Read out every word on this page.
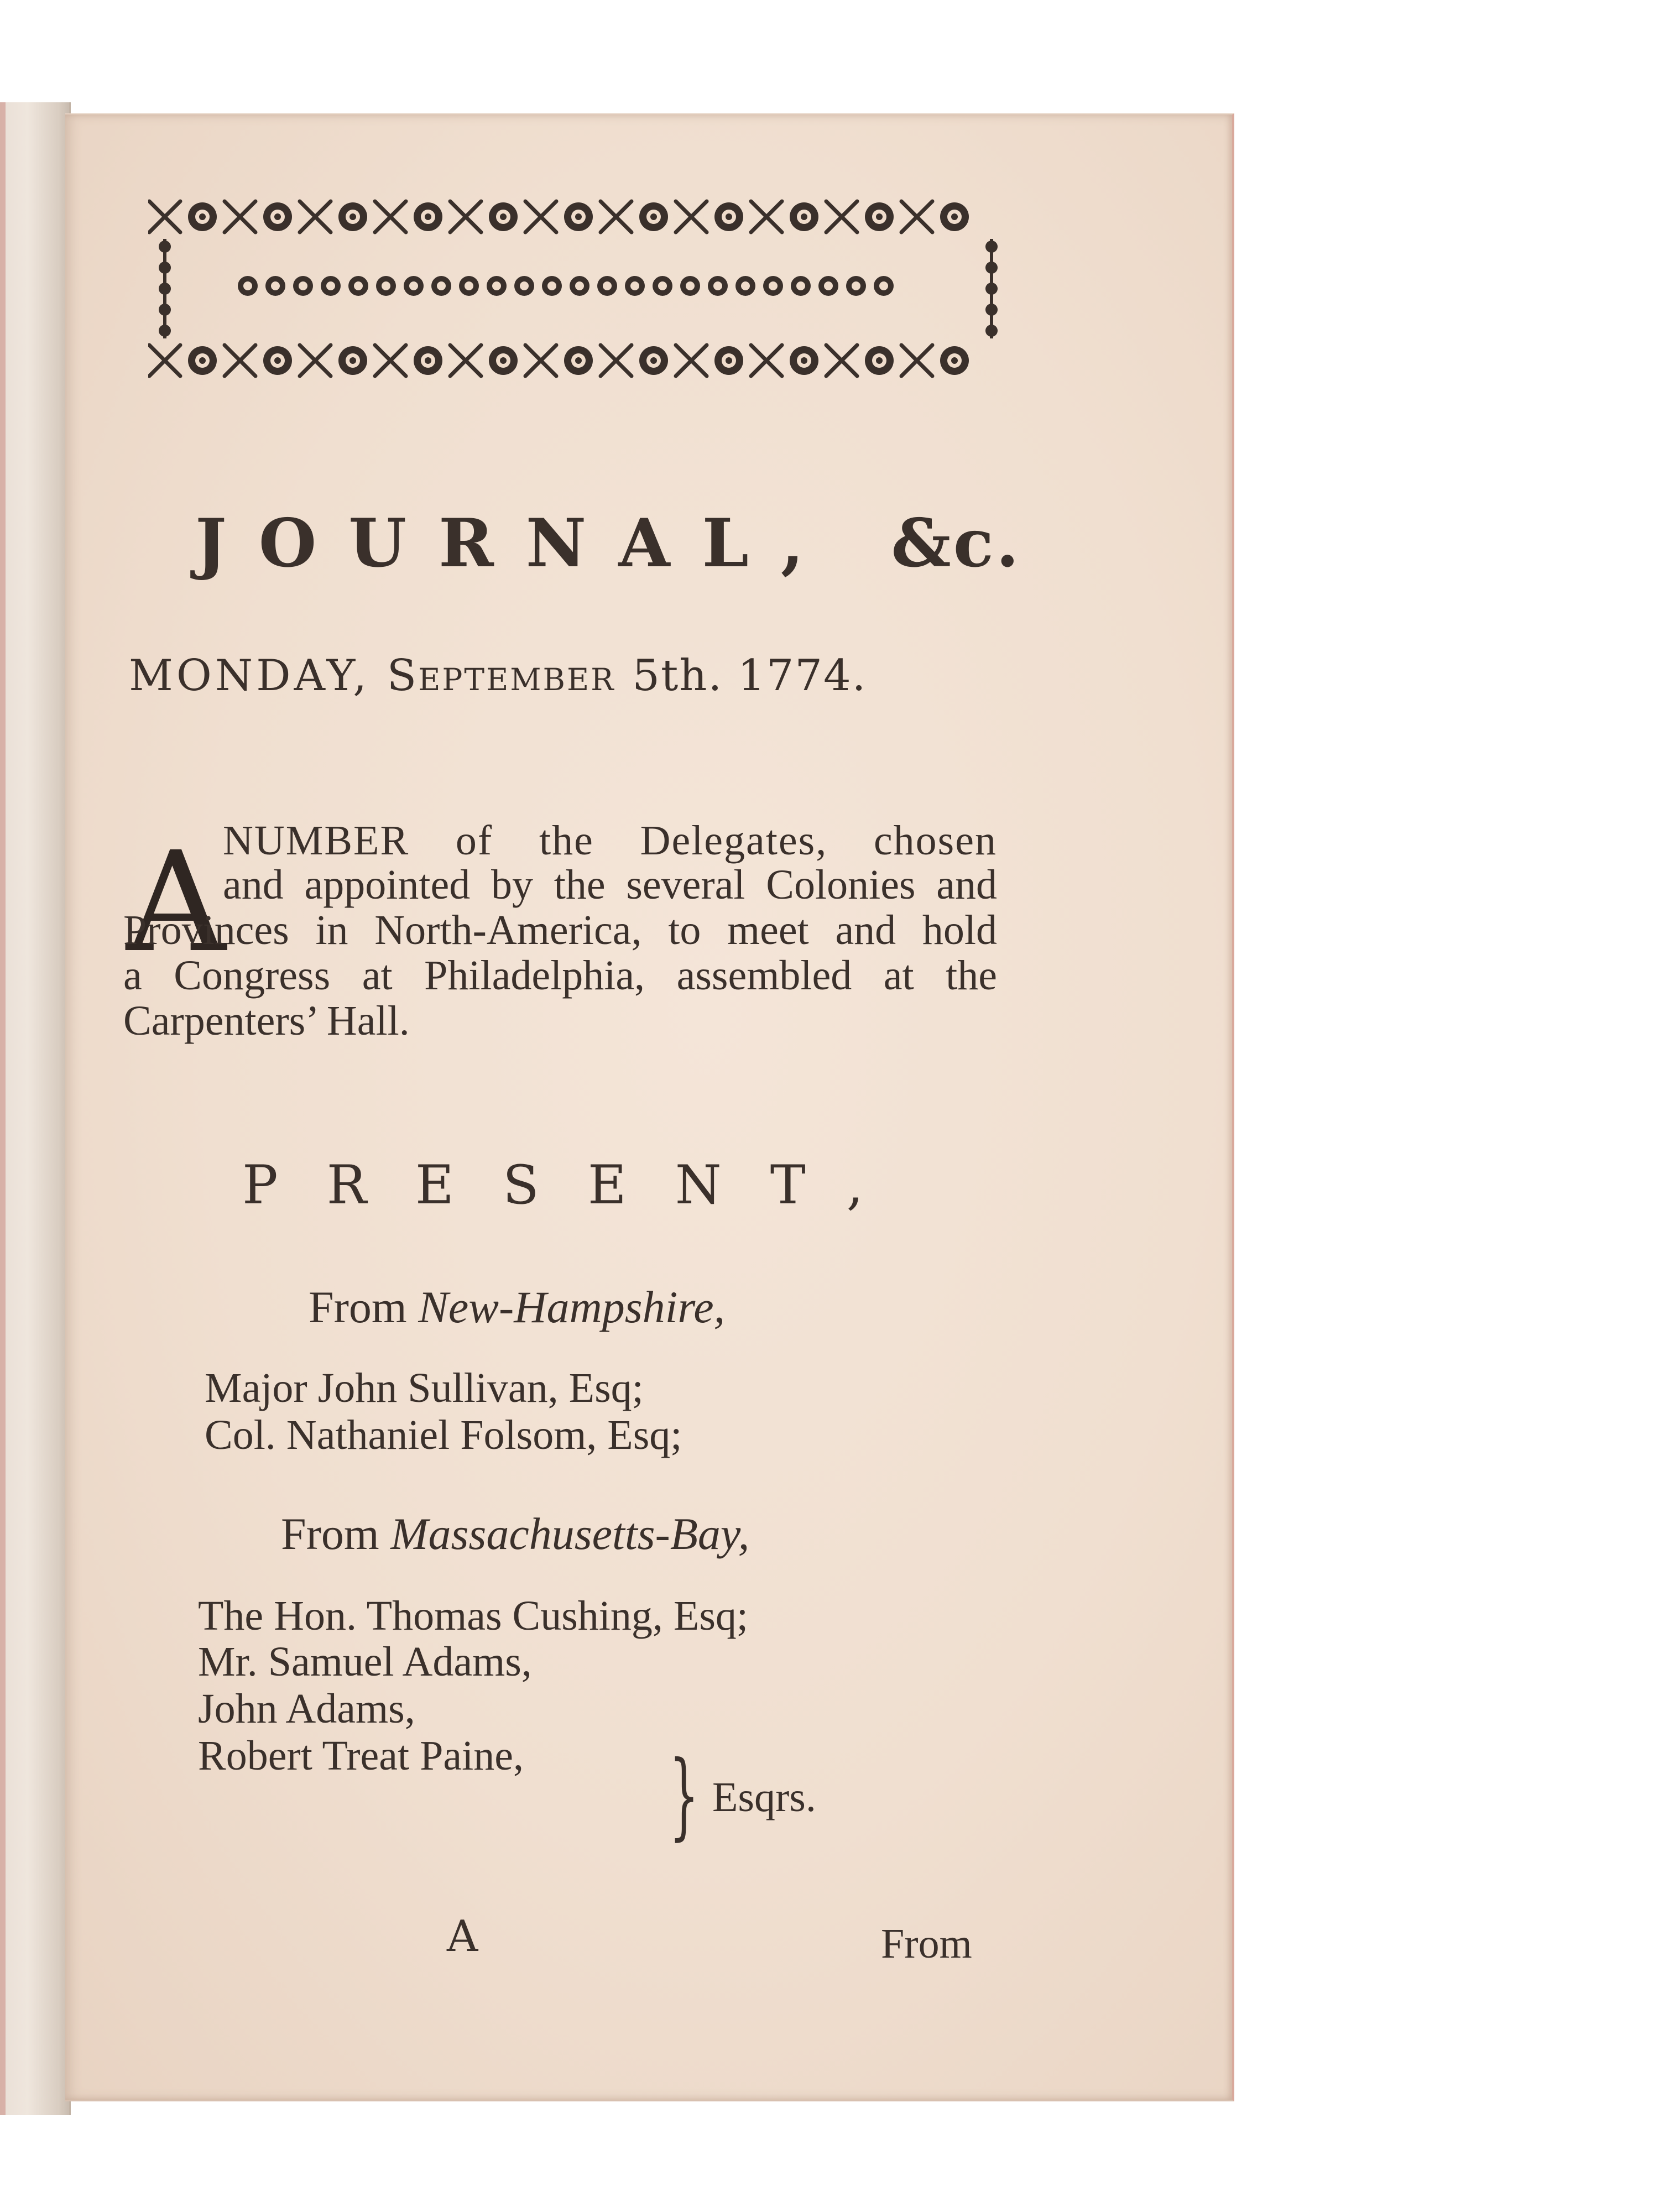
JOURNAL, &c.

MONDAY, September 5th. 1774.

A

NUMBER of the Delegates, chosen

and appointed by the several Colonies and

Provinces in North-America, to meet and hold

a Congress at Philadelphia, assembled at the

Carpenters’ Hall.

PRESENT,

From New-Hampshire,

Major John Sullivan, Esq;

Col. Nathaniel Folsom, Esq;

From Massachusetts-Bay,

The Hon. Thomas Cushing, Esq;

Mr. Samuel Adams,

John Adams,

Robert Treat Paine, } Esqrs.
A	From
